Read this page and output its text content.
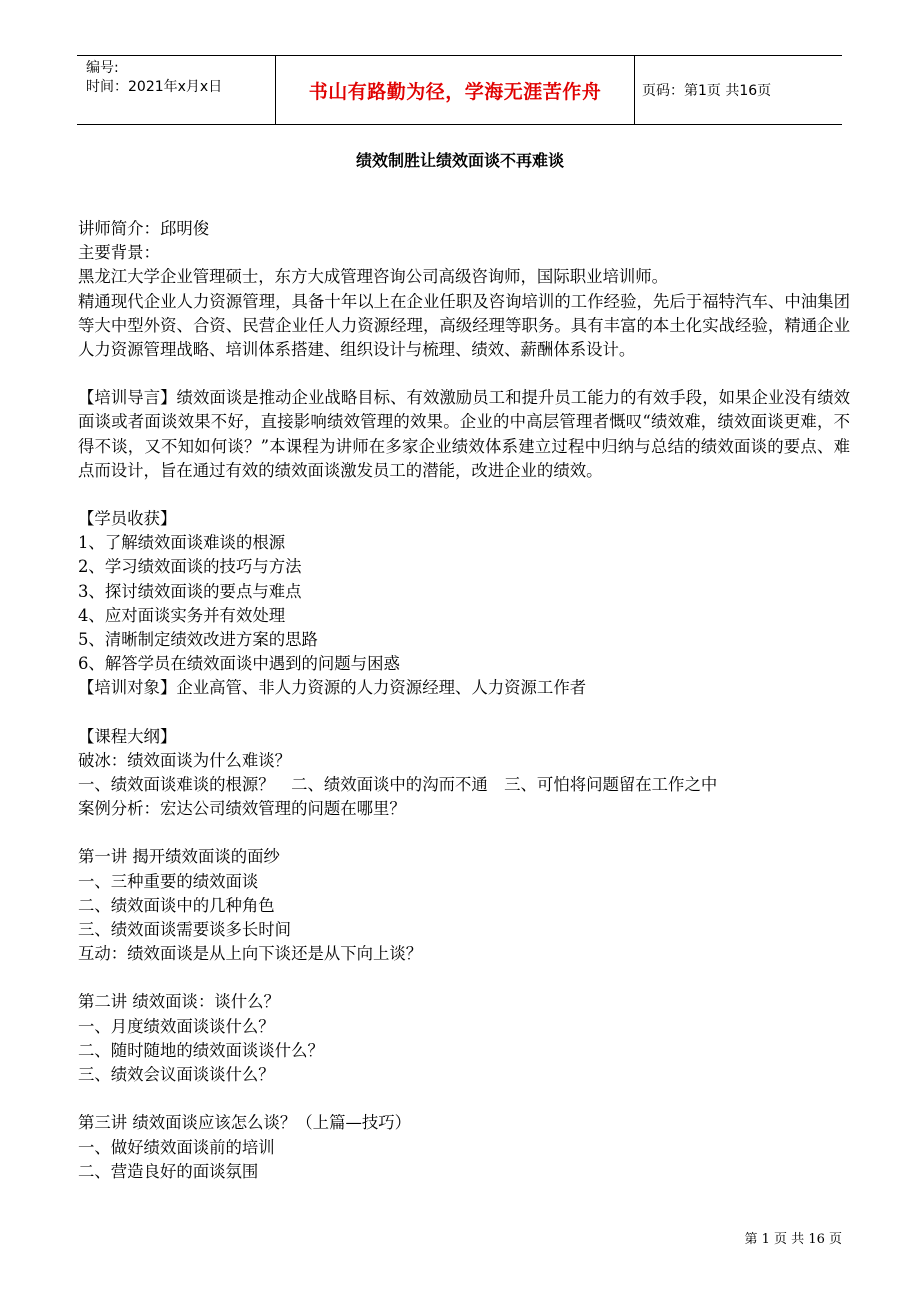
编号:
时间：2021年x月x日	书山有路勤为径，学海无涯苦作舟	页码：第1页 共16页
绩效制胜让绩效面谈不再难谈

讲师简介：邱明俊

主要背景：

黑龙江大学企业管理硕士，东方大成管理咨询公司高级咨询师，国际职业培训师。

精通现代企业人力资源管理，具备十年以上在企业任职及咨询培训的工作经验，先后于福特汽车、中油集团等大中型外资、合资、民营企业任人力资源经理，高级经理等职务。具有丰富的本土化实战经验，精通企业人力资源管理战略、培训体系搭建、组织设计与梳理、绩效、薪酬体系设计。

【培训导言】绩效面谈是推动企业战略目标、有效激励员工和提升员工能力的有效手段，如果企业没有绩效面谈或者面谈效果不好，直接影响绩效管理的效果。企业的中高层管理者慨叹“绩效难，绩效面谈更难，不得不谈，又不知如何谈？”本课程为讲师在多家企业绩效体系建立过程中归纳与总结的绩效面谈的要点、难点而设计，旨在通过有效的绩效面谈激发员工的潜能，改进企业的绩效。

【学员收获】

1、了解绩效面谈难谈的根源

2、学习绩效面谈的技巧与方法

3、探讨绩效面谈的要点与难点

4、应对面谈实务并有效处理

5、清晰制定绩效改进方案的思路

6、解答学员在绩效面谈中遇到的问题与困惑

【培训对象】企业高管、非人力资源的人力资源经理、人力资源工作者

【课程大纲】

破冰：绩效面谈为什么难谈？

一、绩效面谈难谈的根源？　二、绩效面谈中的沟而不通　三、可怕将问题留在工作之中

案例分析：宏达公司绩效管理的问题在哪里？

第一讲 揭开绩效面谈的面纱

一、三种重要的绩效面谈

二、绩效面谈中的几种角色

三、绩效面谈需要谈多长时间

互动：绩效面谈是从上向下谈还是从下向上谈？

第二讲 绩效面谈：谈什么？

一、月度绩效面谈谈什么？

二、随时随地的绩效面谈谈什么？

三、绩效会议面谈谈什么？

第三讲 绩效面谈应该怎么谈？（上篇—技巧）

一、做好绩效面谈前的培训

二、营造良好的面谈氛围

第 1 页 共 16 页
